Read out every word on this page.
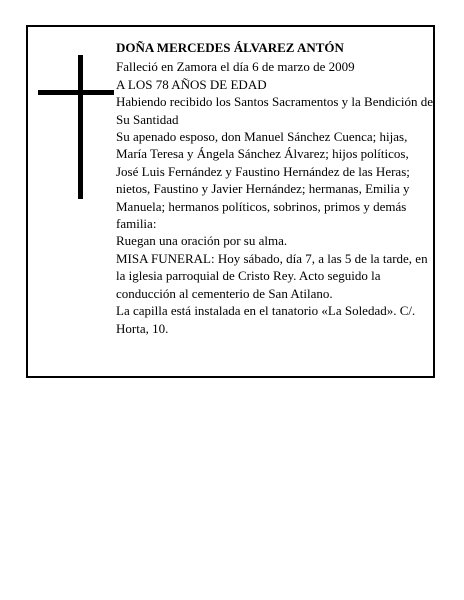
DOÑA MERCEDES ÁLVAREZ ANTÓN

Falleció en Zamora el día 6 de marzo de 2009

A LOS 78 AÑOS DE EDAD

Habiendo recibido los Santos Sacramentos y la Bendición de Su Santidad

Su apenado esposo, don Manuel Sánchez Cuenca; hijas, María Teresa y Ángela Sánchez Álvarez; hijos políticos, José Luis Fernández y Faustino Hernández de las Heras; nietos, Faustino y Javier Hernández; hermanas, Emilia y Manuela; hermanos políticos, sobrinos, primos y demás familia:

Ruegan una oración por su alma.

MISA FUNERAL: Hoy sábado, día 7, a las 5 de la tarde, en la iglesia parroquial de Cristo Rey. Acto seguido la conducción al cementerio de San Atilano.

La capilla está instalada en el tanatorio «La Soledad». C/. Horta, 10.
